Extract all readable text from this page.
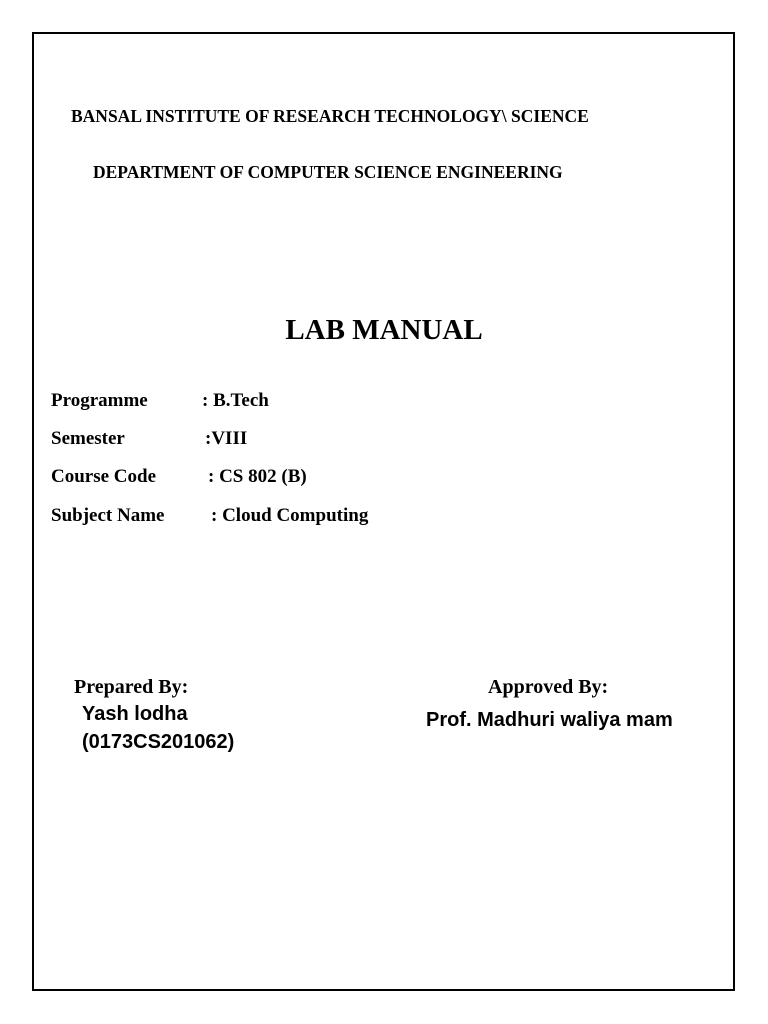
BANSAL INSTITUTE OF RESEARCH TECHNOLOGY\ SCIENCE
DEPARTMENT OF COMPUTER SCIENCE ENGINEERING
LAB MANUAL
Programme	: B.Tech
Semester	:VIII
Course Code	: CS 802 (B)
Subject Name : Cloud Computing
Prepared By:
Yash lodha
(0173CS201062)
Approved By:
Prof. Madhuri waliya mam
